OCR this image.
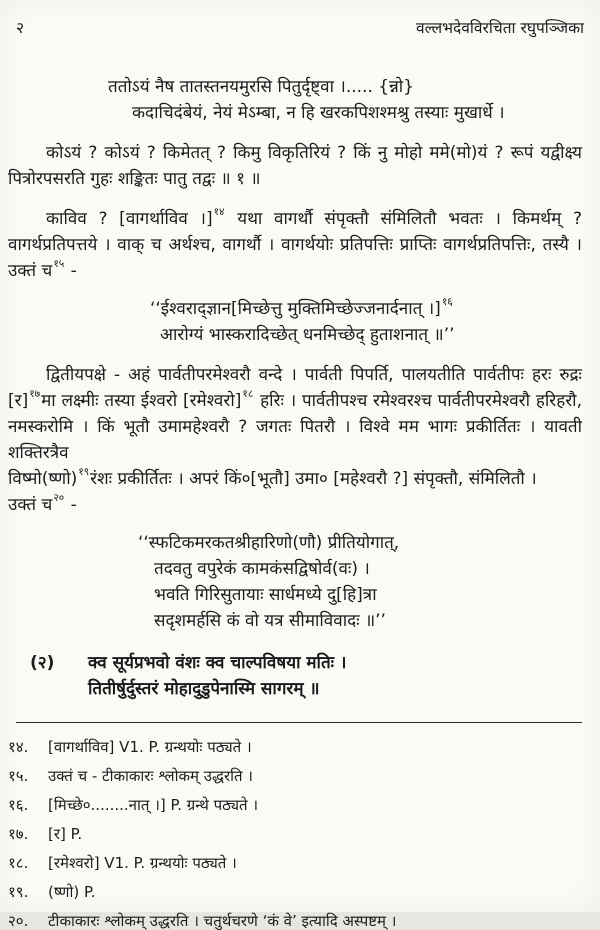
२	वल्लभदेवविरचिता रघुपञ्जिका
ततोऽयं नैष तातस्तनयमुरसि पितुर्दृष्ट्वा ।..... {न्नो}
कदाचिदंबेयं, नेयं मेऽम्बा, न हि खरकपिशश्मश्रु तस्याः मुखार्धे ।
कोऽयं ? कोऽयं ? किमेतत् ? किमु विकृतिरियं ? किं नु मोहो ममे(मो)यं ? रूपं यद्वीक्ष्य
पित्रोरपसरति गुहः शङ्कितः पातु तद्वः ॥ १ ॥
काविव ? [वागर्थाविव ।]$^{१४}$ यथा वागर्थौ संपृक्तौ संमिलितौ भवतः । किमर्थम् ?
वागर्थप्रतिपत्तये । वाक् च अर्थश्च, वागर्थौ । वागर्थयोः प्रतिपत्तिः प्राप्तिः वागर्थप्रतिपत्तिः, तस्यै ।
उक्तं च$^{१५}$ -
‘‘ईश्वराद्ज्ञान[मिच्छेत्तु मुक्तिमिच्छेज्जनार्दनात् ।]$^{१६}$
आरोग्यं भास्करादिच्छेत् धनमिच्छेद् हुताशनात् ॥’’
द्वितीयपक्षे - अहं पार्वतीपरमेश्वरौ वन्दे । पार्वती पिपर्ति, पालयतीति पार्वतीपः हरः रुद्रः
[र]$^{१७}$मा लक्ष्मीः तस्या ईश्वरो [रमेश्वरो]$^{१८}$ हरिः । पार्वतीपश्च रमेश्वरश्च पार्वतीपरमेश्वरौ हरिहरौ,
नमस्करोमि । किं भूतौ उमामहेश्वरौ ? जगतः पितरौ । विश्वे मम भागः प्रकीर्तितः । यावती शक्तिरत्रैव
विष्मो(ष्णो)$^{१९}$रंशः प्रकीर्तितः । अपरं किं०[भूतौ] उमा० [महेश्वरौ ?] संपृक्तौ, संमिलितौ ।
उक्तं च$^{२०}$ -
‘‘स्फटिकमरकतश्रीहारिणो(णौ) प्रीतियोगात्,
तदवतु वपुरेकं कामकंसद्विषोर्व(वः) ।
भवति गिरिसुतायाः सार्धमध्ये दु[हि]त्रा
सदृशमर्हसि कं वो यत्र सीमाविवादः ॥’’
(२)	क्व सूर्यप्रभवो वंशः क्व चाल्पविषया मतिः ।
तितीर्षुर्दुस्तरं मोहादुडुपेनास्मि सागरम् ॥
१४.	[वागर्थाविव] V1. P. ग्रन्थयोः पठ्यते ।
१५.	उक्तं च - टीकाकारः श्लोकम् उद्धरति ।
१६.	[मिच्छे०........नात् ।] P. ग्रन्थे पठ्यते ।
१७.	[र] P.
१८.	[रमेश्वरो] V1. P. ग्रन्थयोः पठ्यते ।
१९.	(ष्णो) P.
२०.	टीकाकारः श्लोकम् उद्धरति । चतुर्थचरणे ‘कं वे’ इत्यादि अस्पष्टम् ।
